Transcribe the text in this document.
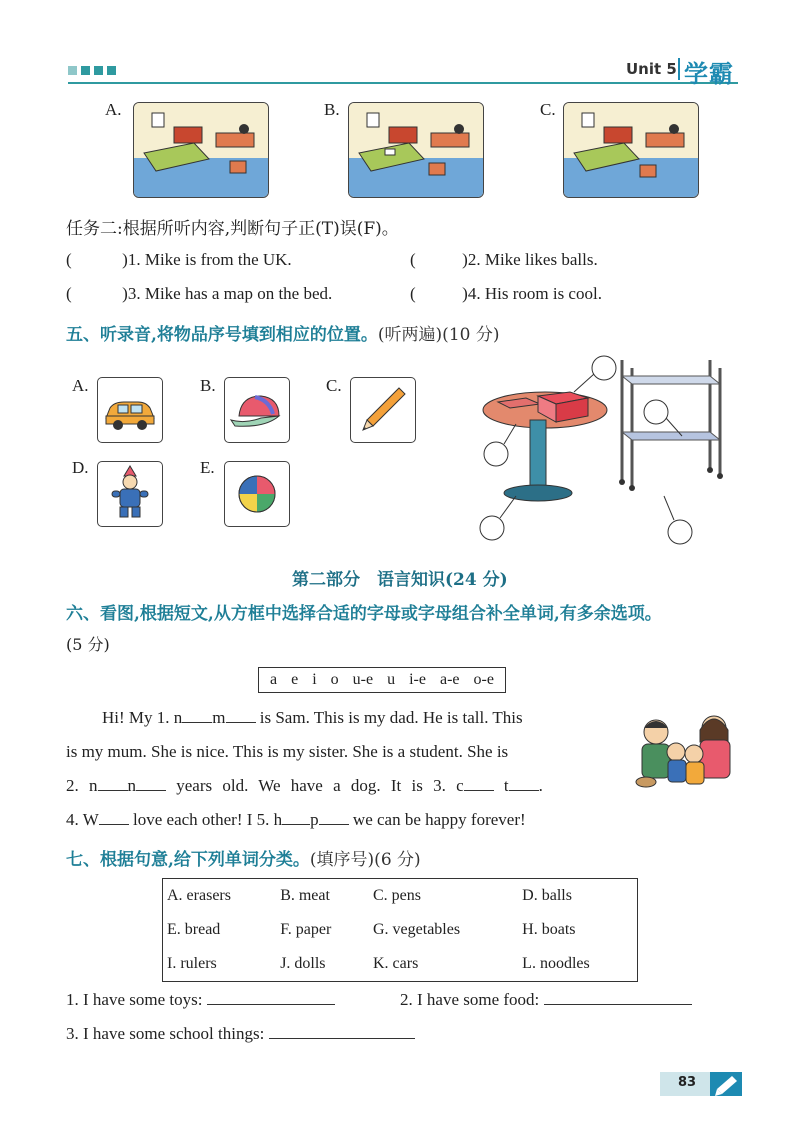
Unit 5 学霸
A.	B.	C.
任务二:根据所听内容,判断句子正(T)误(F)。
(	)1. Mike is from the UK.	(	)2. Mike likes balls.
(	)3. Mike has a map on the bed.	(	)4. His room is cool.
五、听录音,将物品序号填到相应的位置。(听两遍)(10 分)
A.	B.	C.
D.	E.
第二部分　语言知识(24 分)
六、看图,根据短文,从方框中选择合适的字母或字母组合补全单词,有多余选项。
(5 分)
a e i o u-e u i-e a-e o-e
Hi! My 1. n m is Sam. This is my dad. He is tall. This
is my mum. She is nice. This is my sister. She is a student. She is
2. n n years old. We have a dog. It is 3. c t .
4. W love each other! I 5. h p we can be happy forever!
七、根据句意,给下列单词分类。(填序号)(6 分)
A. erasers	B. meat	C. pens	D. balls
E. bread	F. paper	G. vegetables	H. boats
I. rulers	J. dolls	K. cars	L. noodles
1. I have some toys:	2. I have some food:
3. I have some school things:
83
